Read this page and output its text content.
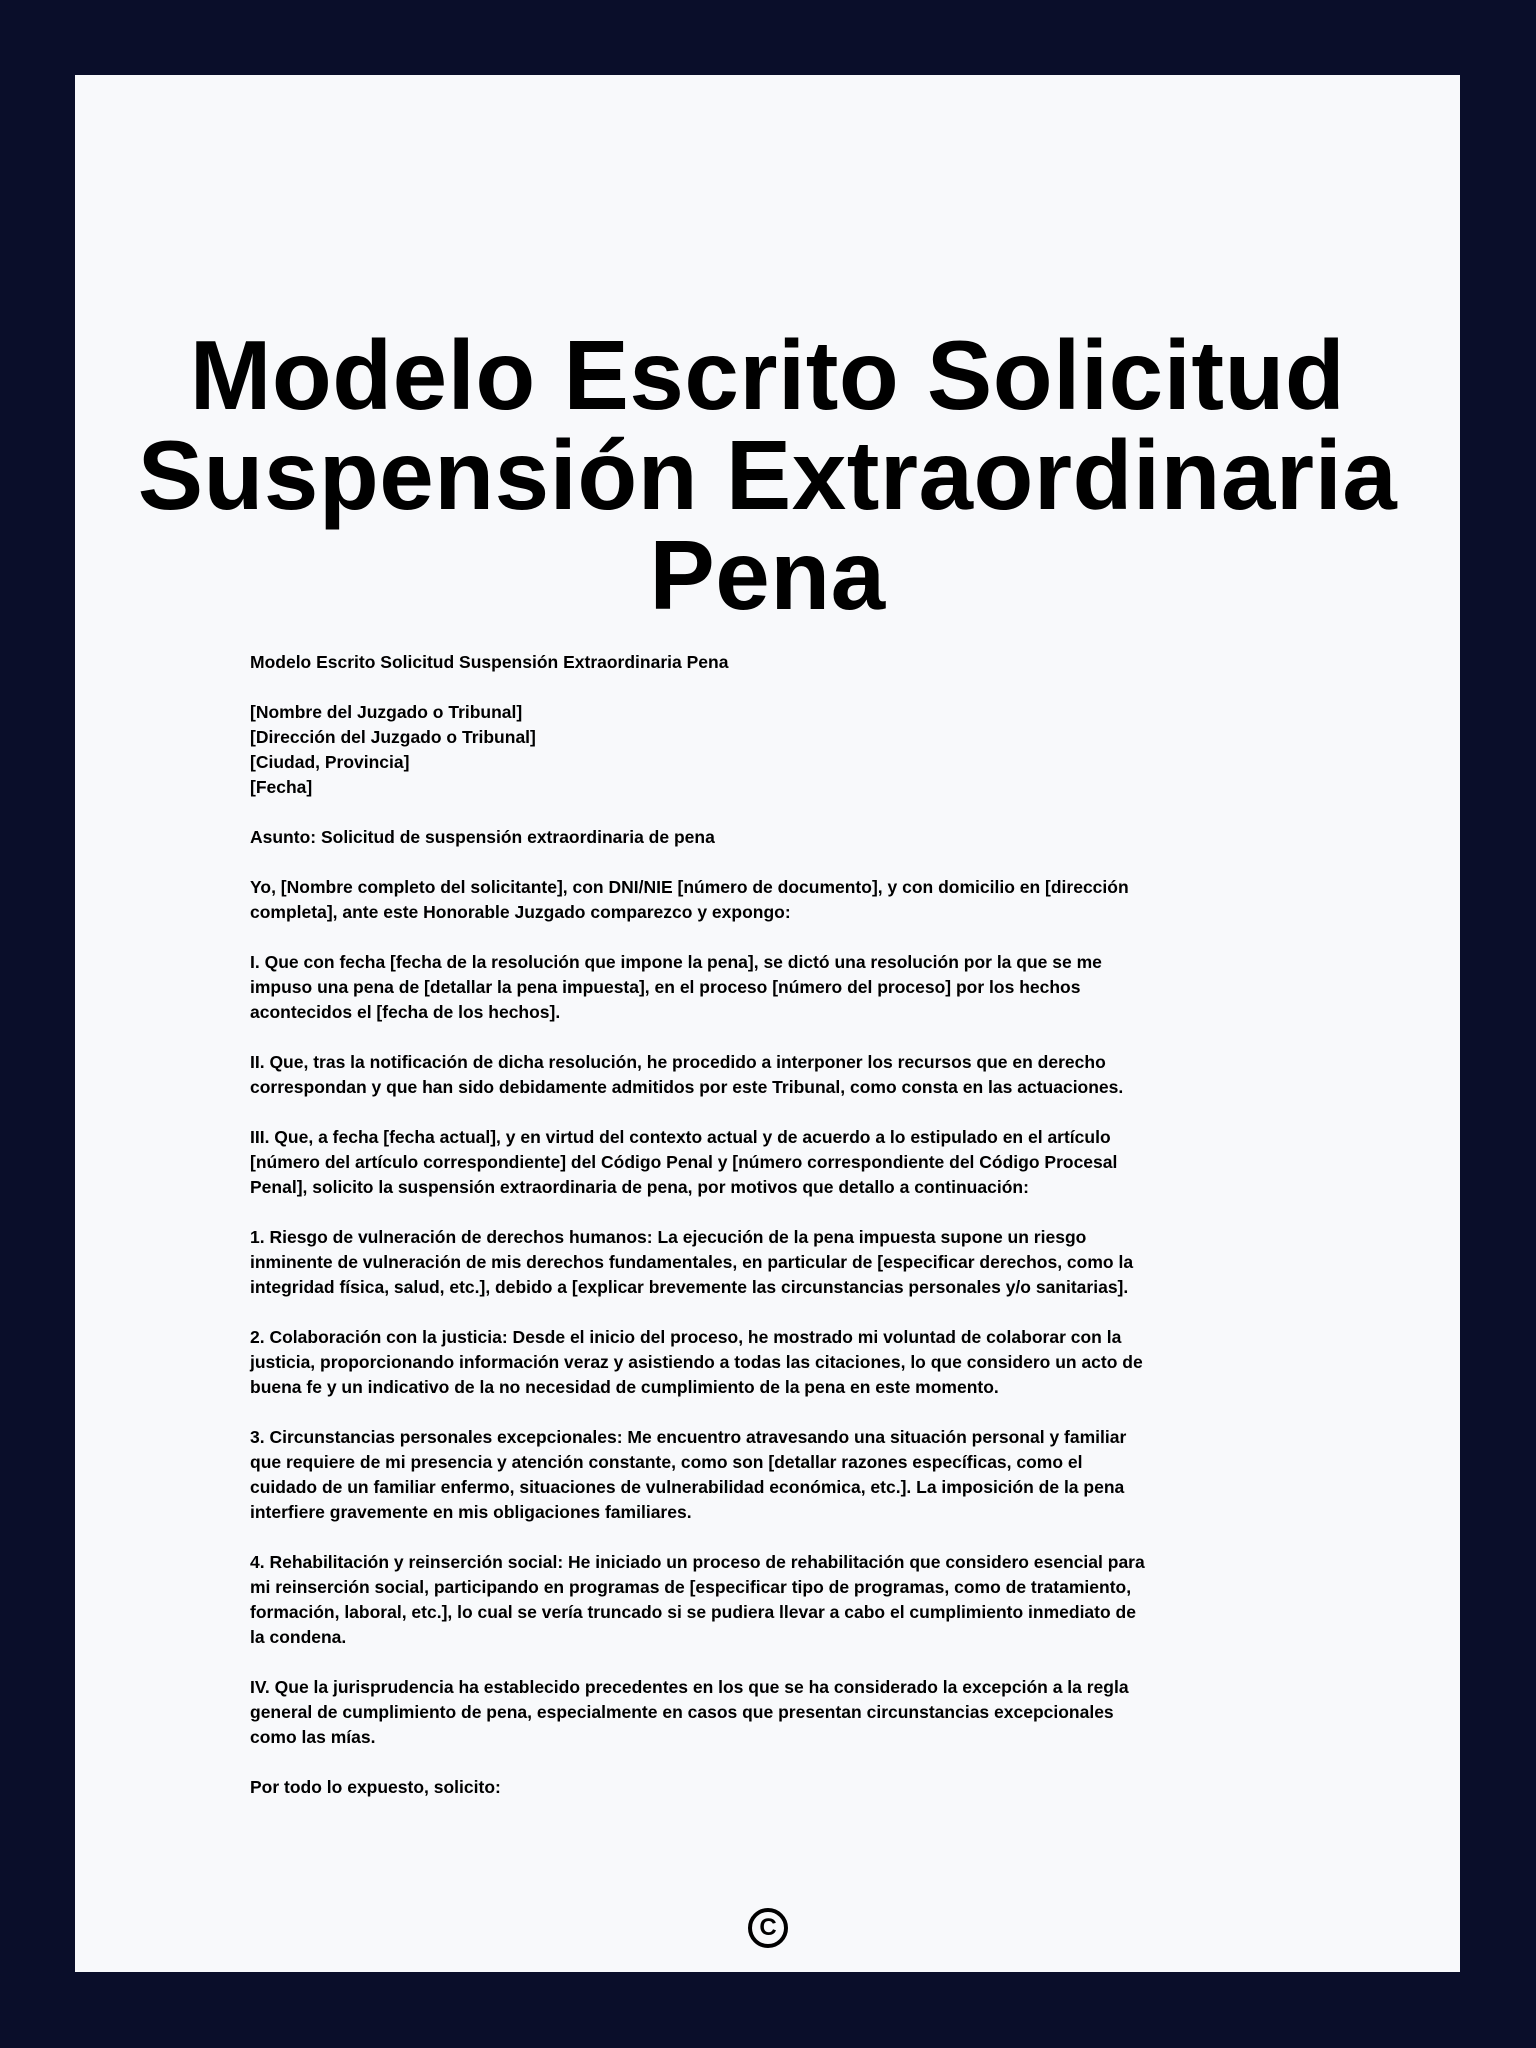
Modelo Escrito Solicitud
Suspensión Extraordinaria
Pena
Modelo Escrito Solicitud Suspensión Extraordinaria Pena
[Nombre del Juzgado o Tribunal]
[Dirección del Juzgado o Tribunal]
[Ciudad, Provincia]
[Fecha]
Asunto: Solicitud de suspensión extraordinaria de pena
Yo, [Nombre completo del solicitante], con DNI/NIE [número de documento], y con domicilio en [dirección
completa], ante este Honorable Juzgado comparezco y expongo:
I. Que con fecha [fecha de la resolución que impone la pena], se dictó una resolución por la que se me
impuso una pena de [detallar la pena impuesta], en el proceso [número del proceso] por los hechos
acontecidos el [fecha de los hechos].
II. Que, tras la notificación de dicha resolución, he procedido a interponer los recursos que en derecho
correspondan y que han sido debidamente admitidos por este Tribunal, como consta en las actuaciones.
III. Que, a fecha [fecha actual], y en virtud del contexto actual y de acuerdo a lo estipulado en el artículo
[número del artículo correspondiente] del Código Penal y [número correspondiente del Código Procesal
Penal], solicito la suspensión extraordinaria de pena, por motivos que detallo a continuación:
1. Riesgo de vulneración de derechos humanos: La ejecución de la pena impuesta supone un riesgo
inminente de vulneración de mis derechos fundamentales, en particular de [especificar derechos, como la
integridad física, salud, etc.], debido a [explicar brevemente las circunstancias personales y/o sanitarias].
2. Colaboración con la justicia: Desde el inicio del proceso, he mostrado mi voluntad de colaborar con la
justicia, proporcionando información veraz y asistiendo a todas las citaciones, lo que considero un acto de
buena fe y un indicativo de la no necesidad de cumplimiento de la pena en este momento.
3. Circunstancias personales excepcionales: Me encuentro atravesando una situación personal y familiar
que requiere de mi presencia y atención constante, como son [detallar razones específicas, como el
cuidado de un familiar enfermo, situaciones de vulnerabilidad económica, etc.]. La imposición de la pena
interfiere gravemente en mis obligaciones familiares.
4. Rehabilitación y reinserción social: He iniciado un proceso de rehabilitación que considero esencial para
mi reinserción social, participando en programas de [especificar tipo de programas, como de tratamiento,
formación, laboral, etc.], lo cual se vería truncado si se pudiera llevar a cabo el cumplimiento inmediato de
la condena.
IV. Que la jurisprudencia ha establecido precedentes en los que se ha considerado la excepción a la regla
general de cumplimiento de pena, especialmente en casos que presentan circunstancias excepcionales
como las mías.
Por todo lo expuesto, solicito:
C
